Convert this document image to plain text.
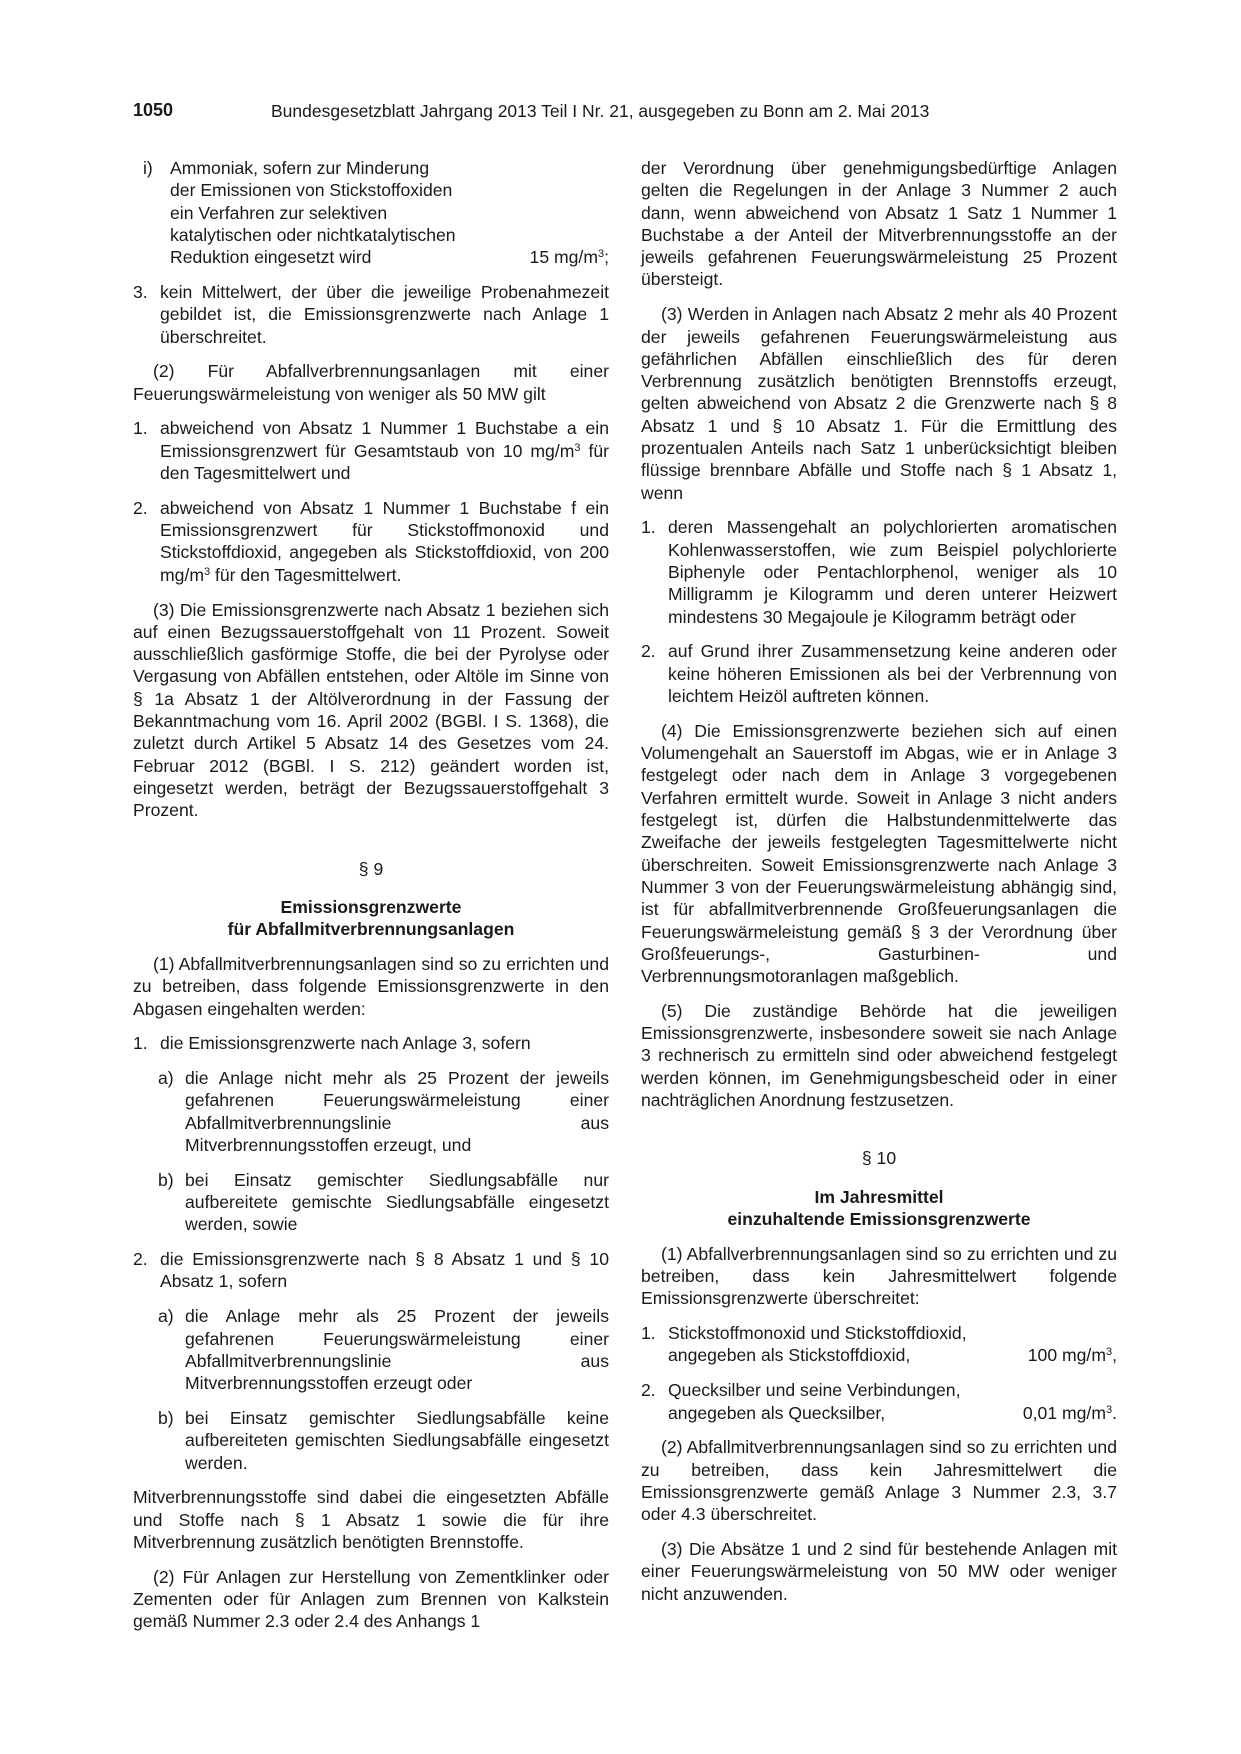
1050	Bundesgesetzblatt Jahrgang 2013 Teil I Nr. 21, ausgegeben zu Bonn am 2. Mai 2013
i) Ammoniak, sofern zur Minderung
der Emissionen von Stickstoffoxiden
ein Verfahren zur selektiven
katalytischen oder nichtkatalytischen

Reduktion eingesetzt wird	15 $mg/m^3$;
3. kein Mittelwert, der über die jeweilige Probenahmezeit gebildet ist, die Emissionsgrenzwerte nach Anlage 1 überschreitet.

(2) Für Abfallverbrennungsanlagen mit einer Feuerungswärmeleistung von weniger als 50 MW gilt

1. abweichend von Absatz 1 Nummer 1 Buchstabe a ein Emissionsgrenzwert für Gesamtstaub von 10 $mg/m^3$ für den Tagesmittelwert und
2. abweichend von Absatz 1 Nummer 1 Buchstabe f ein Emissionsgrenzwert für Stickstoffmonoxid und Stickstoffdioxid, angegeben als Stickstoffdioxid, von 200 $mg/m^3$ für den Tagesmittelwert.

(3) Die Emissionsgrenzwerte nach Absatz 1 beziehen sich auf einen Bezugssauerstoffgehalt von 11 Prozent. Soweit ausschließlich gasförmige Stoffe, die bei der Pyrolyse oder Vergasung von Abfällen entstehen, oder Altöle im Sinne von § 1a Absatz 1 der Altölverordnung in der Fassung der Bekanntmachung vom 16. April 2002 (BGBl. I S. 1368), die zuletzt durch Artikel 5 Absatz 14 des Gesetzes vom 24. Februar 2012 (BGBl. I S. 212) geändert worden ist, eingesetzt werden, beträgt der Bezugssauerstoffgehalt 3 Prozent.

§ 9
Emissionsgrenzwerte
für Abfallmitverbrennungsanlagen

(1) Abfallmitverbrennungsanlagen sind so zu errichten und zu betreiben, dass folgende Emissionsgrenzwerte in den Abgasen eingehalten werden:

1. die Emissionsgrenzwerte nach Anlage 3, sofern
a) die Anlage nicht mehr als 25 Prozent der jeweils gefahrenen Feuerungswärmeleistung einer Abfallmitverbrennungslinie aus Mitverbrennungsstoffen erzeugt, und
b) bei Einsatz gemischter Siedlungsabfälle nur aufbereitete gemischte Siedlungsabfälle eingesetzt werden, sowie
2. die Emissionsgrenzwerte nach § 8 Absatz 1 und § 10 Absatz 1, sofern
a) die Anlage mehr als 25 Prozent der jeweils gefahrenen Feuerungswärmeleistung einer Abfallmitverbrennungslinie aus Mitverbrennungsstoffen erzeugt oder
b) bei Einsatz gemischter Siedlungsabfälle keine aufbereiteten gemischten Siedlungsabfälle eingesetzt werden.

Mitverbrennungsstoffe sind dabei die eingesetzten Abfälle und Stoffe nach § 1 Absatz 1 sowie die für ihre Mitverbrennung zusätzlich benötigten Brennstoffe.

(2) Für Anlagen zur Herstellung von Zementklinker oder Zementen oder für Anlagen zum Brennen von Kalkstein gemäß Nummer 2.3 oder 2.4 des Anhangs 1

der Verordnung über genehmigungsbedürftige Anlagen gelten die Regelungen in der Anlage 3 Nummer 2 auch dann, wenn abweichend von Absatz 1 Satz 1 Nummer 1 Buchstabe a der Anteil der Mitverbrennungsstoffe an der jeweils gefahrenen Feuerungswärmeleistung 25 Prozent übersteigt.

(3) Werden in Anlagen nach Absatz 2 mehr als 40 Prozent der jeweils gefahrenen Feuerungswärmeleistung aus gefährlichen Abfällen einschließlich des für deren Verbrennung zusätzlich benötigten Brennstoffs erzeugt, gelten abweichend von Absatz 2 die Grenzwerte nach § 8 Absatz 1 und § 10 Absatz 1. Für die Ermittlung des prozentualen Anteils nach Satz 1 unberücksichtigt bleiben flüssige brennbare Abfälle und Stoffe nach § 1 Absatz 1, wenn

1. deren Massengehalt an polychlorierten aromatischen Kohlenwasserstoffen, wie zum Beispiel polychlorierte Biphenyle oder Pentachlorphenol, weniger als 10 Milligramm je Kilogramm und deren unterer Heizwert mindestens 30 Megajoule je Kilogramm beträgt oder
2. auf Grund ihrer Zusammensetzung keine anderen oder keine höheren Emissionen als bei der Verbrennung von leichtem Heizöl auftreten können.

(4) Die Emissionsgrenzwerte beziehen sich auf einen Volumengehalt an Sauerstoff im Abgas, wie er in Anlage 3 festgelegt oder nach dem in Anlage 3 vorgegebenen Verfahren ermittelt wurde. Soweit in Anlage 3 nicht anders festgelegt ist, dürfen die Halbstundenmittelwerte das Zweifache der jeweils festgelegten Tagesmittelwerte nicht überschreiten. Soweit Emissionsgrenzwerte nach Anlage 3 Nummer 3 von der Feuerungswärmeleistung abhängig sind, ist für abfallmitverbrennende Großfeuerungsanlagen die Feuerungswärmeleistung gemäß § 3 der Verordnung über Großfeuerungs-, Gasturbinen- und Verbrennungsmotoranlagen maßgeblich.

(5) Die zuständige Behörde hat die jeweiligen Emissionsgrenzwerte, insbesondere soweit sie nach Anlage 3 rechnerisch zu ermitteln sind oder abweichend festgelegt werden können, im Genehmigungsbescheid oder in einer nachträglichen Anordnung festzusetzen.

§ 10
Im Jahresmittel
einzuhaltende Emissionsgrenzwerte

(1) Abfallverbrennungsanlagen sind so zu errichten und zu betreiben, dass kein Jahresmittelwert folgende Emissionsgrenzwerte überschreitet:

1. Stickstoffmonoxid und Stickstoffdioxid,

angegeben als Stickstoffdioxid,	100 $mg/m^3$,
2. Quecksilber und seine Verbindungen,

angegeben als Quecksilber,	0,01 $mg/m^3$.

(2) Abfallmitverbrennungsanlagen sind so zu errichten und zu betreiben, dass kein Jahresmittelwert die Emissionsgrenzwerte gemäß Anlage 3 Nummer 2.3, 3.7 oder 4.3 überschreitet.

(3) Die Absätze 1 und 2 sind für bestehende Anlagen mit einer Feuerungswärmeleistung von 50 MW oder weniger nicht anzuwenden.
